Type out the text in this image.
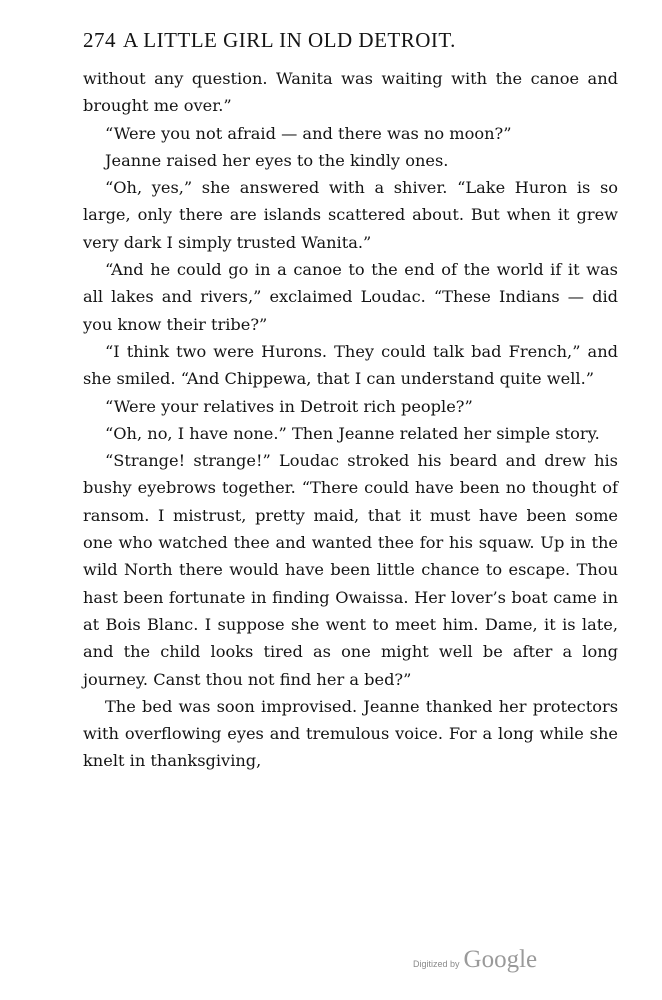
274 A LITTLE GIRL IN OLD DETROIT.

without any question. Wanita was waiting with the canoe and brought me over.”

“Were you not afraid — and there was no moon?”

Jeanne raised her eyes to the kindly ones.

“Oh, yes,” she answered with a shiver. “Lake Huron is so large, only there are islands scattered about. But when it grew very dark I simply trusted Wanita.”

“And he could go in a canoe to the end of the world if it was all lakes and rivers,” exclaimed Loudac. “These Indians — did you know their tribe?”

“I think two were Hurons. They could talk bad French,” and she smiled. “And Chippewa, that I can understand quite well.”

“Were your relatives in Detroit rich people?”

“Oh, no, I have none.” Then Jeanne related her simple story.

“Strange! strange!” Loudac stroked his beard and drew his bushy eyebrows together. “There could have been no thought of ransom. I mistrust, pretty maid, that it must have been some one who watched thee and wanted thee for his squaw. Up in the wild North there would have been little chance to escape. Thou hast been fortunate in finding Owaissa. Her lover’s boat came in at Bois Blanc. I suppose she went to meet him. Dame, it is late, and the child looks tired as one might well be after a long journey. Canst thou not find her a bed?”

The bed was soon improvised. Jeanne thanked her protectors with overflowing eyes and tremulous voice. For a long while she knelt in thanksgiving,

Digitized by Google
